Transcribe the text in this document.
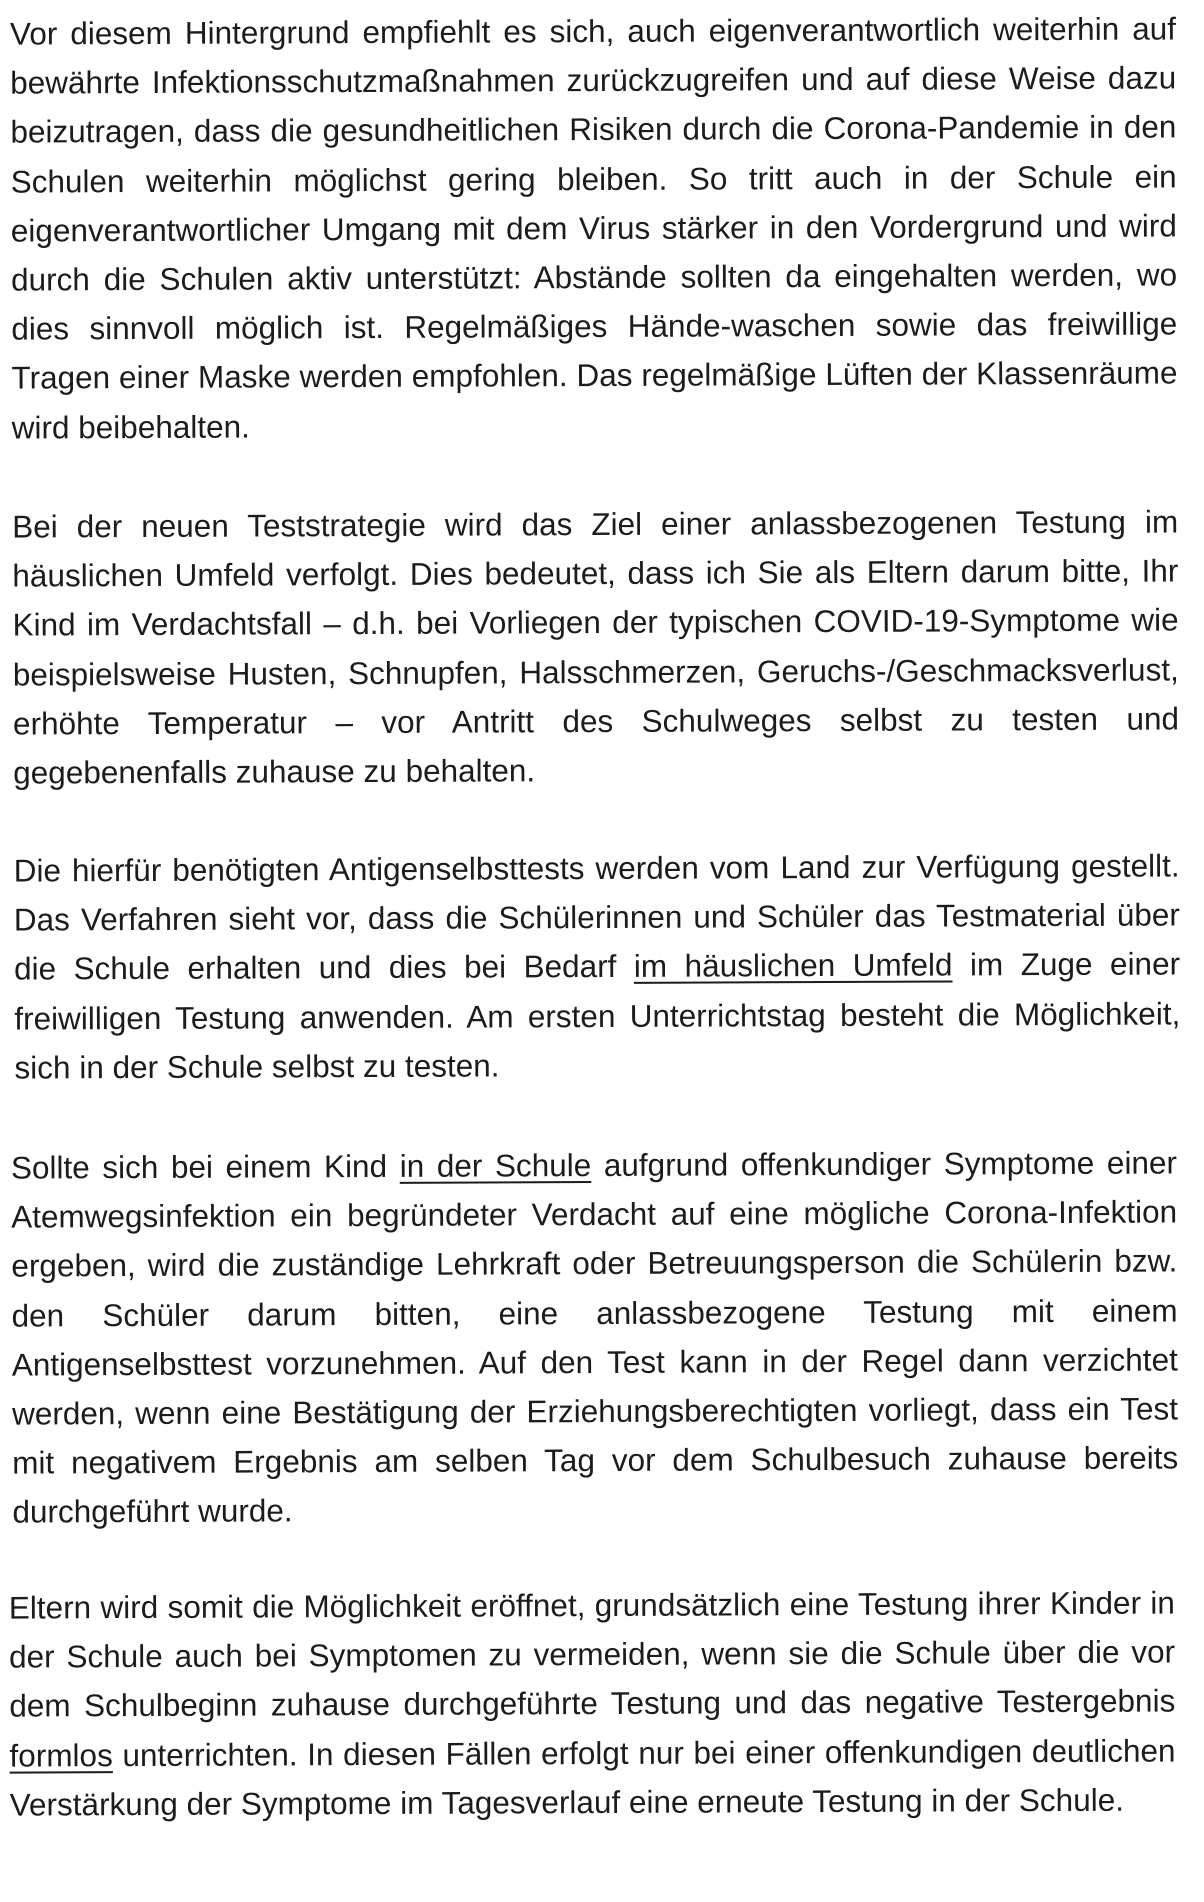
Vor diesem Hintergrund empfiehlt es sich, auch eigenverantwortlich weiterhin auf bewährte Infektionsschutzmaßnahmen zurückzugreifen und auf diese Weise dazu beizutragen, dass die gesundheitlichen Risiken durch die Corona-Pandemie in den Schulen weiterhin möglichst gering bleiben. So tritt auch in der Schule ein eigenverantwortlicher Umgang mit dem Virus stärker in den Vordergrund und wird durch die Schulen aktiv unterstützt: Abstände sollten da eingehalten werden, wo dies sinnvoll möglich ist. Regelmäßiges Hände-waschen sowie das freiwillige Tragen einer Maske werden empfohlen. Das regelmäßige Lüften der Klassenräume wird beibehalten.

Bei der neuen Teststrategie wird das Ziel einer anlassbezogenen Testung im häuslichen Umfeld verfolgt. Dies bedeutet, dass ich Sie als Eltern darum bitte, Ihr Kind im Verdachtsfall – d.h. bei Vorliegen der typischen COVID-19-Symptome wie beispielsweise Husten, Schnupfen, Halsschmerzen, Geruchs-/Geschmacksverlust, erhöhte Temperatur – vor Antritt des Schulweges selbst zu testen und gegebenenfalls zuhause zu behalten.

Die hierfür benötigten Antigenselbsttests werden vom Land zur Verfügung gestellt. Das Verfahren sieht vor, dass die Schülerinnen und Schüler das Testmaterial über die Schule erhalten und dies bei Bedarf im häuslichen Umfeld im Zuge einer freiwilligen Testung anwenden. Am ersten Unterrichtstag besteht die Möglichkeit, sich in der Schule selbst zu testen.

Sollte sich bei einem Kind in der Schule aufgrund offenkundiger Symptome einer Atemwegsinfektion ein begründeter Verdacht auf eine mögliche Corona-Infektion ergeben, wird die zuständige Lehrkraft oder Betreuungsperson die Schülerin bzw. den Schüler darum bitten, eine anlassbezogene Testung mit einem Antigenselbsttest vorzunehmen. Auf den Test kann in der Regel dann verzichtet werden, wenn eine Bestätigung der Erziehungsberechtigten vorliegt, dass ein Test mit negativem Ergebnis am selben Tag vor dem Schulbesuch zuhause bereits durchgeführt wurde.

Eltern wird somit die Möglichkeit eröffnet, grundsätzlich eine Testung ihrer Kinder in der Schule auch bei Symptomen zu vermeiden, wenn sie die Schule über die vor dem Schulbeginn zuhause durchgeführte Testung und das negative Testergebnis formlos unterrichten. In diesen Fällen erfolgt nur bei einer offenkundigen deutlichen Verstärkung der Symptome im Tagesverlauf eine erneute Testung in der Schule.
